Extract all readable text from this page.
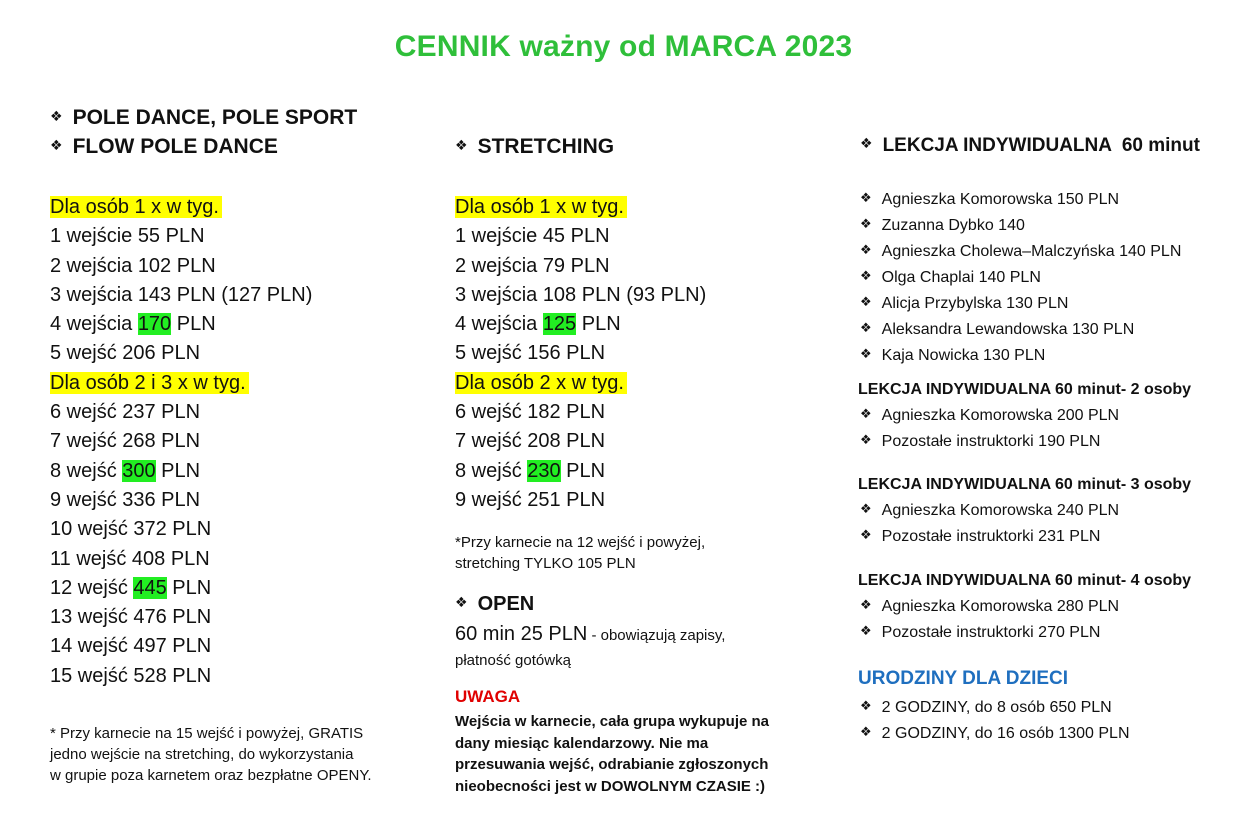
CENNIK ważny od MARCA 2023
❖ POLE DANCE, POLE SPORT
❖ FLOW POLE DANCE
Dla osób 1 x w tyg.
1 wejście 55 PLN
2 wejścia 102 PLN
3 wejścia 143 PLN (127 PLN)
4 wejścia 170 PLN
5 wejść 206 PLN
Dla osób 2 i 3 x w tyg.
6 wejść 237 PLN
7 wejść 268 PLN
8 wejść 300 PLN
9 wejść 336 PLN
10 wejść 372 PLN
11 wejść 408 PLN
12 wejść 445 PLN
13 wejść 476 PLN
14 wejść 497 PLN
15 wejść 528 PLN
* Przy karnecie na 15 wejść i powyżej, GRATIS
jedno wejście na stretching, do wykorzystania
w grupie poza karnetem oraz bezpłatne OPENY.
❖ STRETCHING
Dla osób 1 x w tyg.
1 wejście 45 PLN
2 wejścia 79 PLN
3 wejścia 108 PLN (93 PLN)
4 wejścia 125 PLN
5 wejść 156 PLN
Dla osób 2 x w tyg.
6 wejść 182 PLN
7 wejść 208 PLN
8 wejść 230 PLN
9 wejść 251 PLN
*Przy karnecie na 12 wejść i powyżej,
stretching TYLKO 105 PLN
❖ OPEN
60 min 25 PLN - obowiązują zapisy,
płatność gotówką
UWAGA
Wejścia w karnecie, cała grupa wykupuje na
dany miesiąc kalendarzowy. Nie ma
przesuwania wejść, odrabianie zgłoszonych
nieobecności jest w DOWOLNYM CZASIE :)
❖ LEKCJA INDYWIDUALNA  60 minut
❖ Agnieszka Komorowska 150 PLN
❖ Zuzanna Dybko 140
❖ Agnieszka Cholewa–Malczyńska 140 PLN
❖ Olga Chaplai 140 PLN
❖ Alicja Przybylska 130 PLN
❖ Aleksandra Lewandowska 130 PLN
❖ Kaja Nowicka 130 PLN
LEKCJA INDYWIDUALNA 60 minut- 2 osoby
❖ Agnieszka Komorowska 200 PLN
❖ Pozostałe instruktorki 190 PLN
LEKCJA INDYWIDUALNA 60 minut- 3 osoby
❖ Agnieszka Komorowska 240 PLN
❖ Pozostałe instruktorki 231 PLN
LEKCJA INDYWIDUALNA 60 minut- 4 osoby
❖ Agnieszka Komorowska 280 PLN
❖ Pozostałe instruktorki 270 PLN
URODZINY DLA DZIECI
❖ 2 GODZINY, do 8 osób 650 PLN
❖ 2 GODZINY, do 16 osób 1300 PLN
